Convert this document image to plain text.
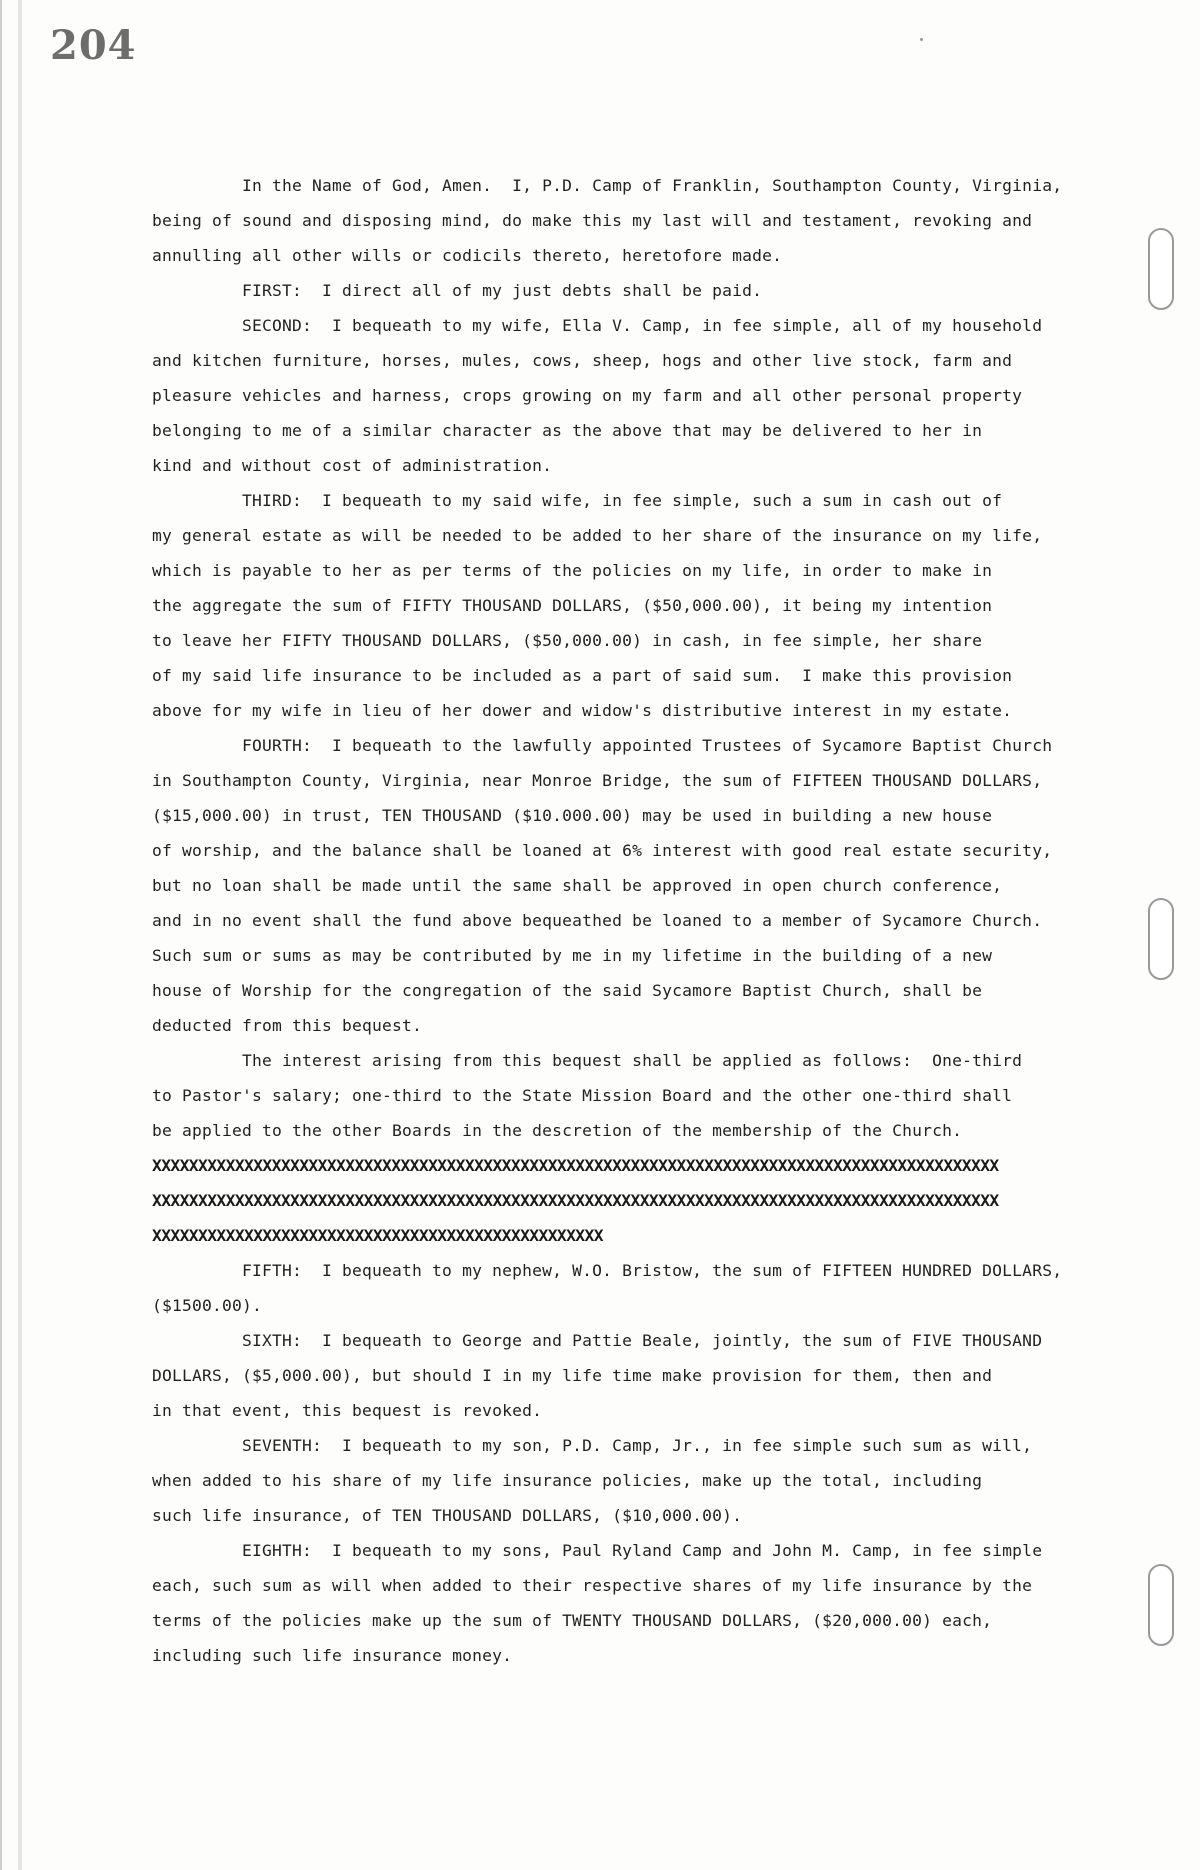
204
In the Name of God, Amen.  I, P.D. Camp of Franklin, Southampton County, Virginia,
being of sound and disposing mind, do make this my last will and testament, revoking and
annulling all other wills or codicils thereto, heretofore made.
FIRST:  I direct all of my just debts shall be paid.
SECOND:  I bequeath to my wife, Ella V. Camp, in fee simple, all of my household
and kitchen furniture, horses, mules, cows, sheep, hogs and other live stock, farm and
pleasure vehicles and harness, crops growing on my farm and all other personal property
belonging to me of a similar character as the above that may be delivered to her in
kind and without cost of administration.
THIRD:  I bequeath to my said wife, in fee simple, such a sum in cash out of
my general estate as will be needed to be added to her share of the insurance on my life,
which is payable to her as per terms of the policies on my life, in order to make in
the aggregate the sum of FIFTY THOUSAND DOLLARS, ($50,000.00), it being my intention
to leave her FIFTY THOUSAND DOLLARS, ($50,000.00) in cash, in fee simple, her share
of my said life insurance to be included as a part of said sum.  I make this provision
above for my wife in lieu of her dower and widow's distributive interest in my estate.
FOURTH:  I bequeath to the lawfully appointed Trustees of Sycamore Baptist Church
in Southampton County, Virginia, near Monroe Bridge, the sum of FIFTEEN THOUSAND DOLLARS,
($15,000.00) in trust, TEN THOUSAND ($10.000.00) may be used in building a new house
of worship, and the balance shall be loaned at 6% interest with good real estate security,
but no loan shall be made until the same shall be approved in open church conference,
and in no event shall the fund above bequeathed be loaned to a member of Sycamore Church.
Such sum or sums as may be contributed by me in my lifetime in the building of a new
house of Worship for the congregation of the said Sycamore Baptist Church, shall be
deducted from this bequest.
The interest arising from this bequest shall be applied as follows:  One-third
to Pastor's salary; one-third to the State Mission Board and the other one-third shall
be applied to the other Boards in the descretion of the membership of the Church.
XXXXXXXXXXXXXXXXXXXXXXXXXXXXXXXXXXXXXXXXXXXXXXXXXXXXXXXXXXXXXXXXXXXXXXXXXXXXXXXXXXXXXXXXXXXX
XXXXXXXXXXXXXXXXXXXXXXXXXXXXXXXXXXXXXXXXXXXXXXXXXXXXXXXXXXXXXXXXXXXXXXXXXXXXXXXXXXXXXXXXXXXX
XXXXXXXXXXXXXXXXXXXXXXXXXXXXXXXXXXXXXXXXXXXXXXXXX
FIFTH:  I bequeath to my nephew, W.O. Bristow, the sum of FIFTEEN HUNDRED DOLLARS,
($1500.00).
SIXTH:  I bequeath to George and Pattie Beale, jointly, the sum of FIVE THOUSAND
DOLLARS, ($5,000.00), but should I in my life time make provision for them, then and
in that event, this bequest is revoked.
SEVENTH:  I bequeath to my son, P.D. Camp, Jr., in fee simple such sum as will,
when added to his share of my life insurance policies, make up the total, including
such life insurance, of TEN THOUSAND DOLLARS, ($10,000.00).
EIGHTH:  I bequeath to my sons, Paul Ryland Camp and John M. Camp, in fee simple
each, such sum as will when added to their respective shares of my life insurance by the
terms of the policies make up the sum of TWENTY THOUSAND DOLLARS, ($20,000.00) each,
including such life insurance money.
